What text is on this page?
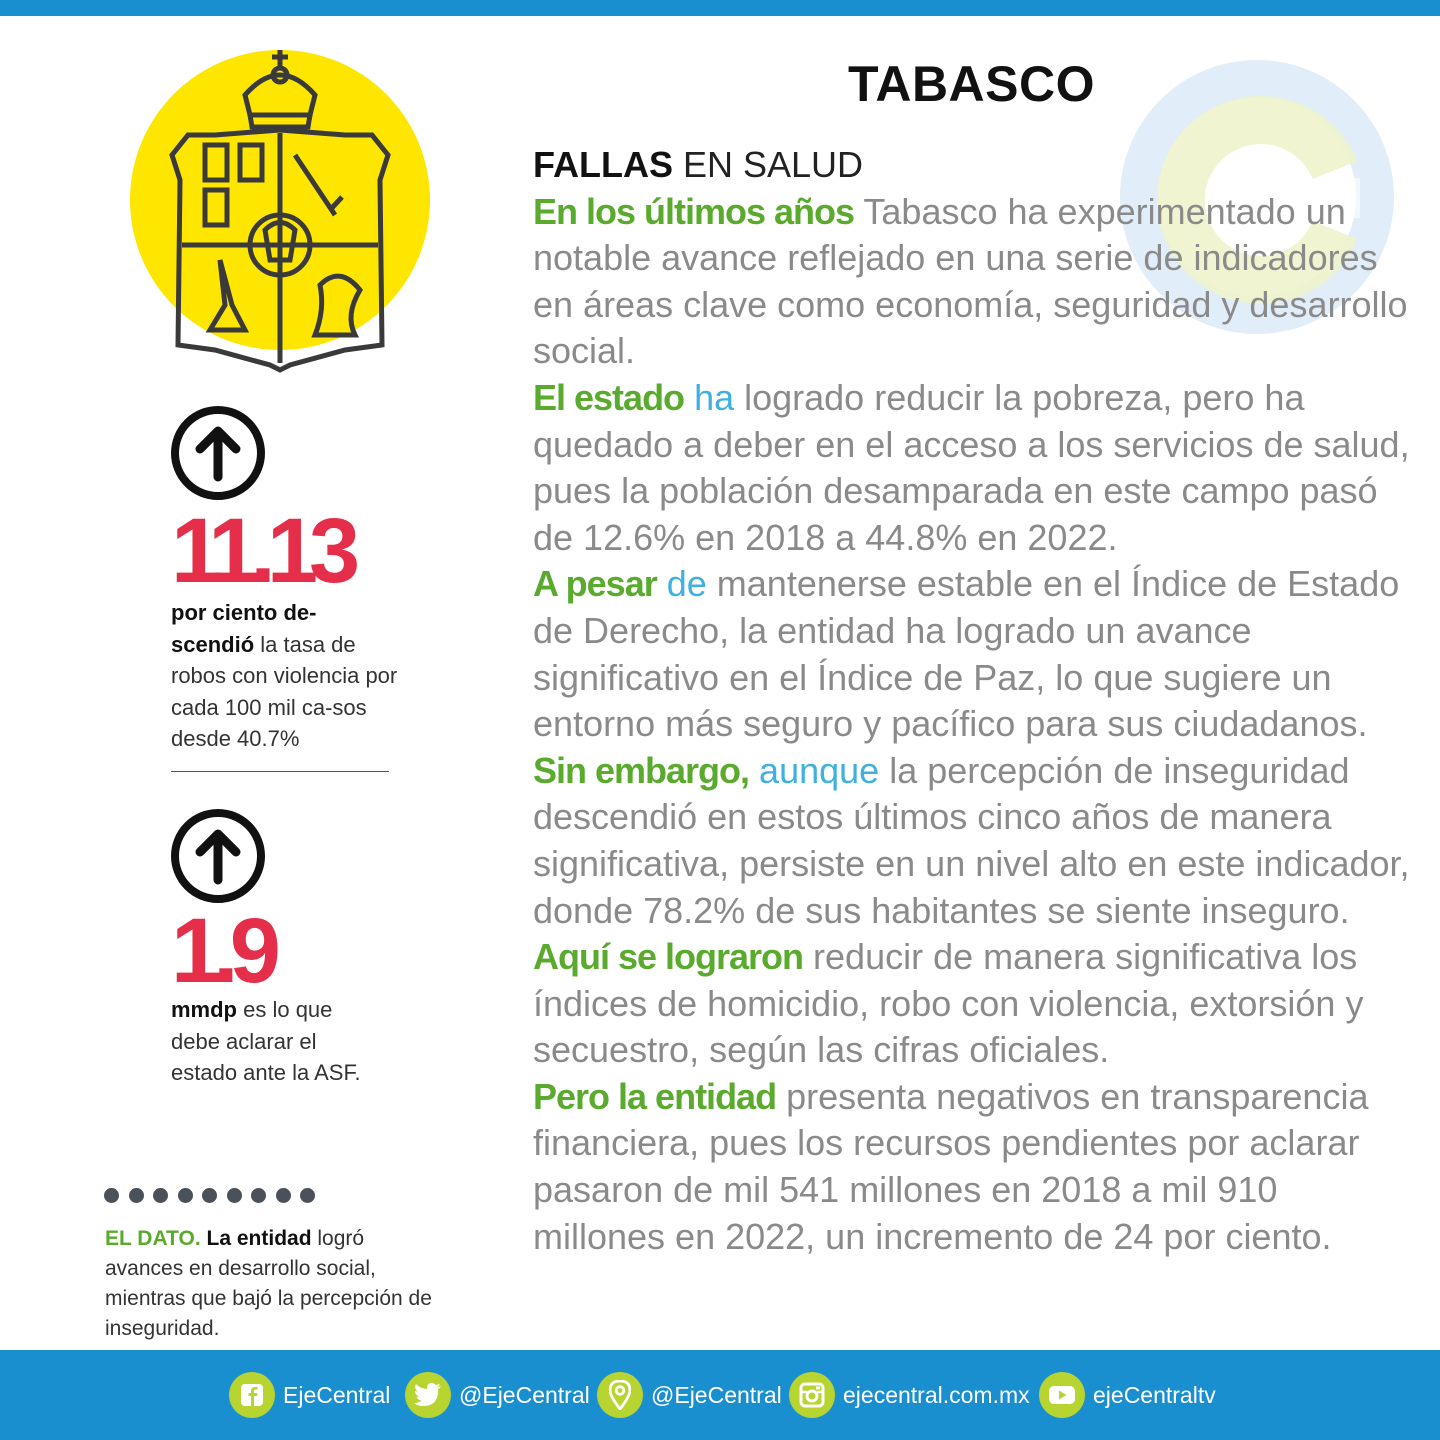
TABASCO
FALLAS EN SALUD
En los últimos años Tabasco ha experimentado un notable avance reflejado en una serie de indicadores en áreas clave como economía, seguridad y desarrollo social.
El estado ha logrado reducir la pobreza, pero ha quedado a deber en el acceso a los servicios de salud, pues la población desamparada en este campo pasó de 12.6% en 2018 a 44.8% en 2022.
A pesar de mantenerse estable en el Índice de Estado de Derecho, la entidad ha logrado un avance significativo en el Índice de Paz, lo que sugiere un entorno más seguro y pacífico para sus ciudadanos.
Sin embargo, aunque la percepción de inseguridad descendió en estos últimos cinco años de manera significativa, persiste en un nivel alto en este indicador, donde 78.2% de sus habitantes se siente inseguro.
Aquí se lograron reducir de manera significativa los índices de homicidio, robo con violencia, extorsión y secuestro, según las cifras oficiales.
Pero la entidad presenta negativos en transparencia financiera, pues los recursos pendientes por aclarar pasaron de mil 541 millones en 2018 a mil 910 millones en 2022, un incremento de 24 por ciento.
11.13
por ciento de-
scendió la tasa de robos con violencia por cada 100 mil ca-sos desde 40.7%
1.9
mmdp es lo que debe aclarar el estado ante la ASF.
EL DATO. La entidad logró avances en desarrollo social, mientras que bajó la percepción de inseguridad.
EjeCentral	@EjeCentral	@EjeCentral	ejecentral.com.mx	ejeCentraltv
